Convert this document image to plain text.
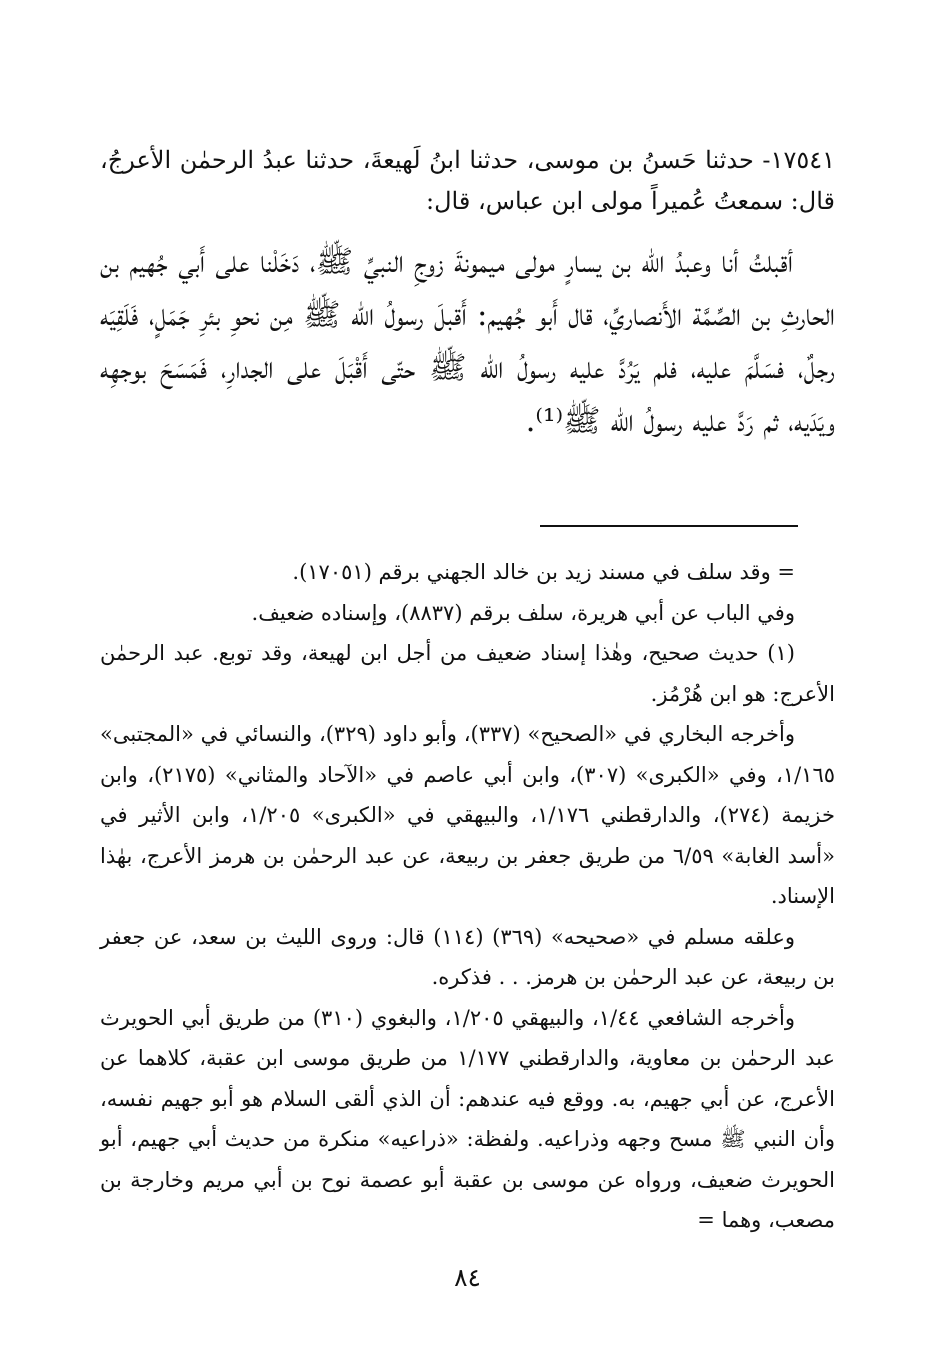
١٧٥٤١- حدثنا حَسنُ بن موسى، حدثنا ابنُ لَهيعةَ، حدثنا عبدُ الرحمٰن الأعرجُ، قال: سمعتُ عُميراً مولى ابن عباس، قال:

أقبلتُ أنا وعبدُ الله بن يسارٍ مولى ميمونةَ زوجِ النبيِّ ﷺ، دَخَلْنا على أَبي جُهيم بن الحارثِ بن الصِّمَّة الأَنصاريِّ، قال أَبو جُهيم: أَقبلَ رسولُ الله ﷺ مِن نحوِ بئرِ جَمَلٍ، فَلَقِيَه رجلٌ، فسَلَّمَ عليه، فلم يَرُدَّ عليه رسولُ الله ﷺ حتّى أَقْبَلَ على الجدارِ، فَمَسَحَ بوجهِه ويَدَيه، ثم رَدَّ عليه رسولُ الله ﷺ⁽¹⁾.

= وقد سلف في مسند زيد بن خالد الجهني برقم (١٧٠٥١).

وفي الباب عن أبي هريرة، سلف برقم (٨٨٣٧)، وإسناده ضعيف.

(١) حديث صحيح، وهٰذا إسناد ضعيف من أجل ابن لهيعة، وقد توبع. عبد الرحمٰن الأعرج: هو ابن هُرْمُز.

وأخرجه البخاري في «الصحيح» (٣٣٧)، وأبو داود (٣٢٩)، والنسائي في «المجتبى» ١/١٦٥، وفي «الكبرى» (٣٠٧)، وابن أبي عاصم في «الآحاد والمثاني» (٢١٧٥)، وابن خزيمة (٢٧٤)، والدارقطني ١/١٧٦، والبيهقي في «الكبرى» ١/٢٠٥، وابن الأثير في «أسد الغابة» ٦/٥٩ من طريق جعفر بن ربيعة، عن عبد الرحمٰن بن هرمز الأعرج، بهٰذا الإسناد.

وعلقه مسلم في «صحيحه» (٣٦٩) (١١٤) قال: وروى الليث بن سعد، عن جعفر بن ربيعة، عن عبد الرحمٰن بن هرمز. . . فذكره.

وأخرجه الشافعي ١/٤٤، والبيهقي ١/٢٠٥، والبغوي (٣١٠) من طريق أبي الحويرث عبد الرحمٰن بن معاوية، والدارقطني ١/١٧٧ من طريق موسى ابن عقبة، كلاهما عن الأعرج، عن أبي جهيم، به. ووقع فيه عندهم: أن الذي ألقى السلام هو أبو جهيم نفسه، وأن النبي ﷺ مسح وجهه وذراعيه. ولفظة: «ذراعيه» منكرة من حديث أبي جهيم، أبو الحويرث ضعيف، ورواه عن موسى بن عقبة أبو عصمة نوح بن أبي مريم وخارجة بن مصعب، وهما =

٨٤
